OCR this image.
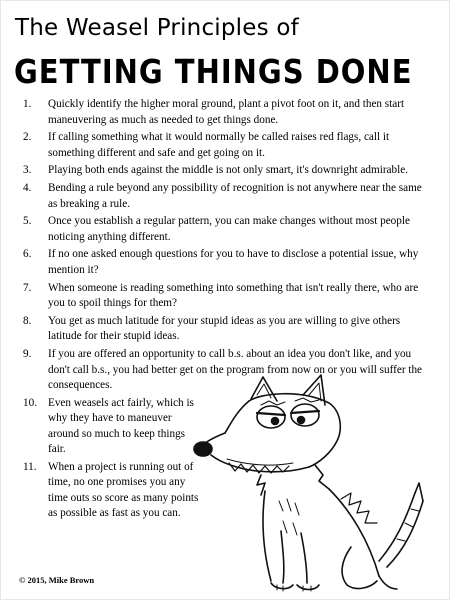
The Weasel Principles of
GETTING THINGS DONE
1. Quickly identify the higher moral ground, plant a pivot foot on it, and then start maneuvering as much as needed to get things done.
2. If calling something what it would normally be called raises red flags, call it something different and safe and get going on it.
3. Playing both ends against the middle is not only smart, it's downright admirable.
4. Bending a rule beyond any possibility of recognition is not anywhere near the same as breaking a rule.
5. Once you establish a regular pattern, you can make changes without most people noticing anything different.
6. If no one asked enough questions for you to have to disclose a potential issue, why mention it?
7. When someone is reading something into something that isn't really there, who are you to spoil things for them?
8. You get as much latitude for your stupid ideas as you are willing to give others latitude for their stupid ideas.
9. If you are offered an opportunity to call b.s. about an idea you don't like, and you don't call b.s., you had better get on the program from now on or you will suffer the consequences.
10. Even weasels act fairly, which is why they have to maneuver around so much to keep things fair.
11. When a project is running out of time, no one promises you any time outs so score as many points as possible as fast as you can.
© 2015, Mike Brown
